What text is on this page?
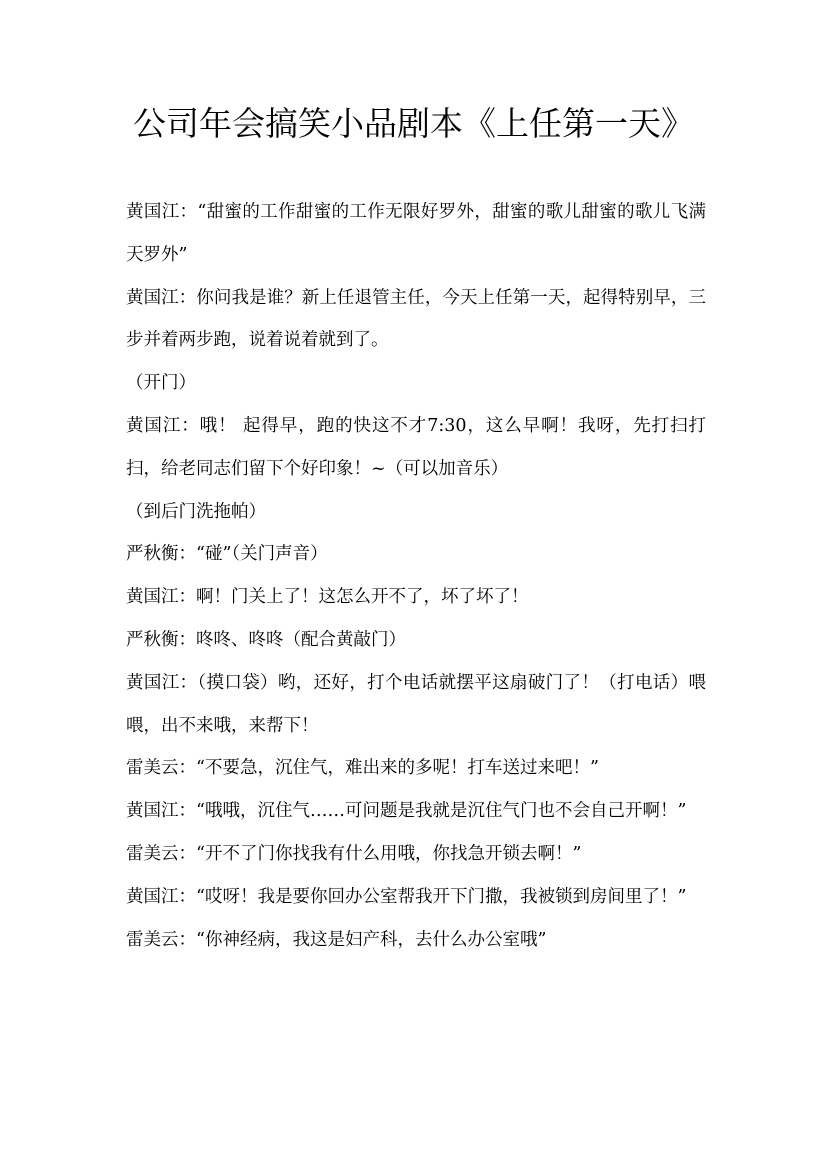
公司年会搞笑小品剧本《上任第一天》

黄国江：“甜蜜的工作甜蜜的工作无限好罗外，甜蜜的歌儿甜蜜的歌儿飞满天罗外”

黄国江：你问我是谁？新上任退管主任，今天上任第一天，起得特别早，三步并着两步跑，说着说着就到了。

（开门）

黄国江：哦！ 起得早，跑的快这不才7:30，这么早啊！我呀，先打扫打扫，给老同志们留下个好印象！~（可以加音乐）

（到后门洗拖帕）

严秋衡：“碰”（关门声音）

黄国江：啊！门关上了！这怎么开不了，坏了坏了！

严秋衡：咚咚、咚咚（配合黄敲门）

黄国江：（摸口袋）哟，还好，打个电话就摆平这扇破门了！（打电话）喂喂，出不来哦，来帮下！

雷美云：“不要急，沉住气，难出来的多呢！打车送过来吧！”

黄国江：“哦哦，沉住气……可问题是我就是沉住气门也不会自己开啊！”

雷美云：“开不了门你找我有什么用哦，你找急开锁去啊！”

黄国江：“哎呀！我是要你回办公室帮我开下门撒，我被锁到房间里了！”

雷美云：“你神经病，我这是妇产科，去什么办公室哦”
